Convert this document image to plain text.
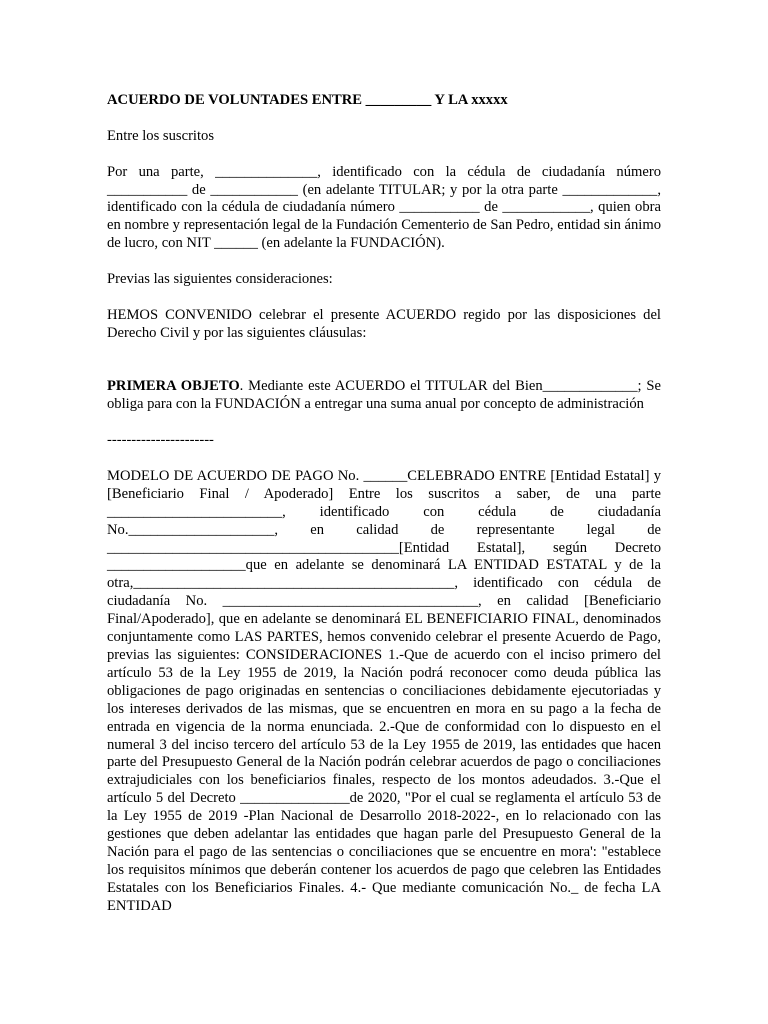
ACUERDO DE VOLUNTADES ENTRE _________ Y LA xxxxx

Entre los suscritos

Por una parte, ______________, identificado con la cédula de ciudadanía número ___________ de ____________ (en adelante TITULAR; y por la otra parte _____________, identificado con la cédula de ciudadanía número ___________ de ____________, quien obra en nombre y representación legal de la Fundación Cementerio de San Pedro, entidad sin ánimo de lucro, con NIT ______ (en adelante la FUNDACIÓN).

Previas las siguientes consideraciones:

HEMOS CONVENIDO celebrar el presente ACUERDO regido por las disposiciones del Derecho Civil y por las siguientes cláusulas:

PRIMERA OBJETO. Mediante este ACUERDO el TITULAR del Bien_____________; Se obliga para con la FUNDACIÓN a entregar una suma anual por concepto de administración

----------------------

MODELO DE ACUERDO DE PAGO No. ______CELEBRADO ENTRE [Entidad Estatal] y [Beneficiario Final / Apoderado] Entre los suscritos a saber, de una parte ________________________, identificado con cédula de ciudadanía No.____________________, en calidad de representante legal de ________________________________________[Entidad Estatal], según Decreto ___________________que en adelante se denominará LA ENTIDAD ESTATAL y de la otra,____________________________________________, identificado con cédula de ciudadanía No. ___________________________________, en calidad [Beneficiario Final/Apoderado], que en adelante se denominará EL BENEFICIARIO FINAL, denominados conjuntamente como LAS PARTES, hemos convenido celebrar el presente Acuerdo de Pago, previas las siguientes: CONSIDERACIONES 1.-Que de acuerdo con el inciso primero del artículo 53 de la Ley 1955 de 2019, la Nación podrá reconocer como deuda pública las obligaciones de pago originadas en sentencias o conciliaciones debidamente ejecutoriadas y los intereses derivados de las mismas, que se encuentren en mora en su pago a la fecha de entrada en vigencia de la norma enunciada. 2.-Que de conformidad con lo dispuesto en el numeral 3 del inciso tercero del artículo 53 de la Ley 1955 de 2019, las entidades que hacen parte del Presupuesto General de la Nación podrán celebrar acuerdos de pago o conciliaciones extrajudiciales con los beneficiarios finales, respecto de los montos adeudados. 3.-Que el artículo 5 del Decreto _______________de 2020, "Por el cual se reglamenta el artículo 53 de la Ley 1955 de 2019 -Plan Nacional de Desarrollo 2018-2022-, en lo relacionado con las gestiones que deben adelantar las entidades que hagan parle del Presupuesto General de la Nación para el pago de las sentencias o conciliaciones que se encuentre en mora': "establece los requisitos mínimos que deberán contener los acuerdos de pago que celebren las Entidades Estatales con los Beneficiarios Finales. 4.- Que mediante comunicación No._ de fecha LA ENTIDAD
